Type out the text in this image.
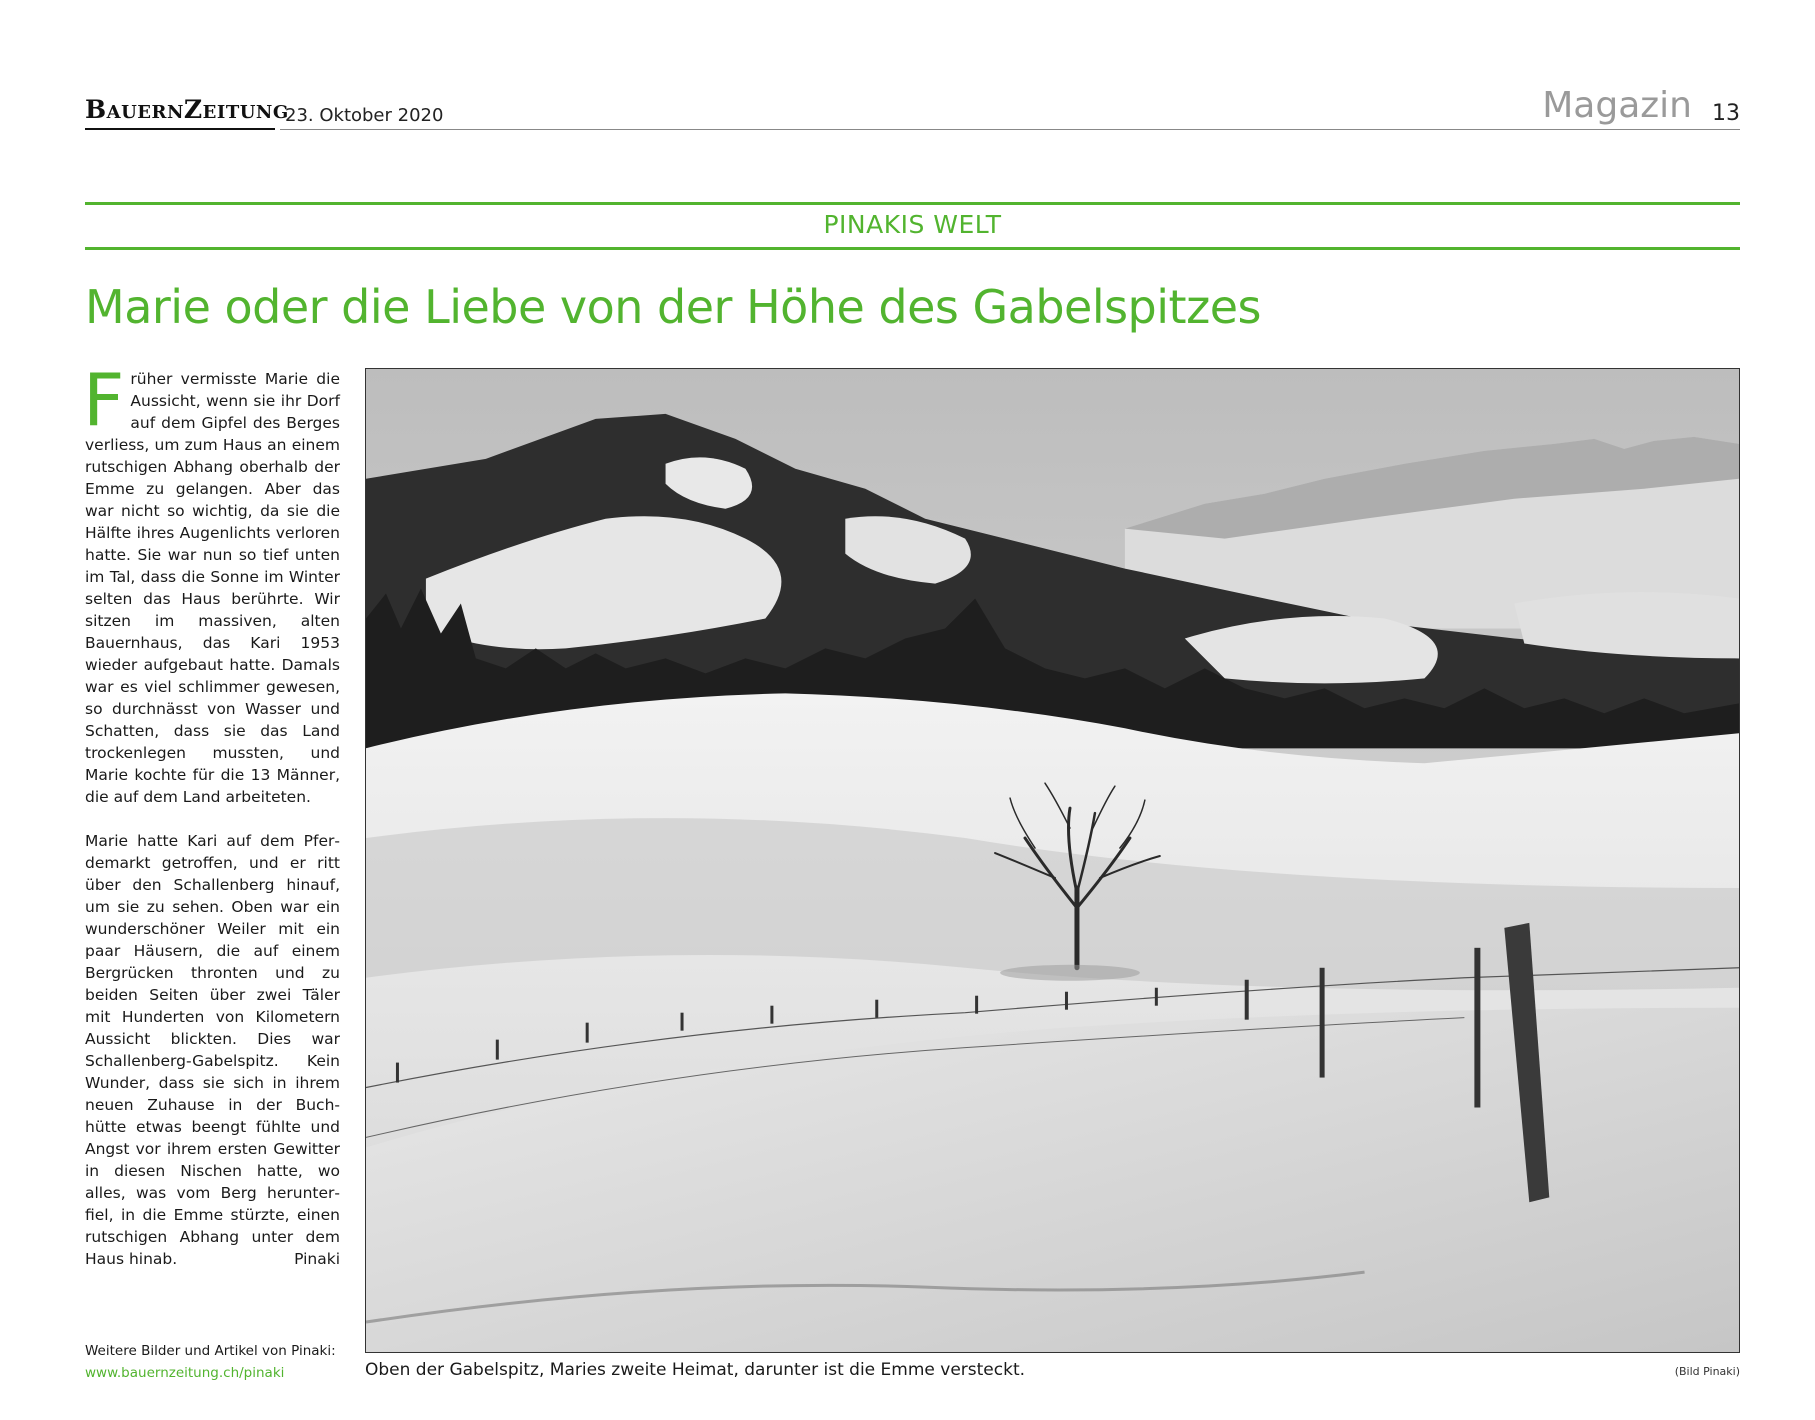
BauernZeitung
23. Oktober 2020	Magazin 13
PINAKIS WELT
Marie oder die Liebe von der Höhe des Gabelspitzes

Früher vermisste Marie die Aussicht, wenn sie ihr Dorf auf dem Gipfel des Berges verliess, um zum Haus an einem rutschigen Abhang oberhalb der Emme zu gelangen. Aber das war nicht so wichtig, da sie die Hälfte ihres Augenlichts verloren hatte. Sie war nun so tief unten im Tal, dass die Sonne im Winter selten das Haus berührte. Wir sitzen im massiven, alten Bauernhaus, das Kari 1953 wieder aufgebaut hatte. Damals war es viel schlimmer gewesen, so durchnässt von Wasser und Schatten, dass sie das Land trockenlegen mussten, und Marie kochte für die 13 Männer, die auf dem Land arbeiteten.

Marie hatte Kari auf dem Pferdemarkt getroffen, und er ritt über den Schallenberg hinauf, um sie zu sehen. Oben war ein wunderschöner Weiler mit ein paar Häusern, die auf einem Bergrücken thronten und zu beiden Seiten über zwei Täler mit Hunderten von Kilometern Aussicht blickten. Dies war Schallenberg-Gabelspitz. Kein Wunder, dass sie sich in ihrem neuen Zuhause in der Buchhütte etwas beengt fühlte und Angst vor ihrem ersten Gewitter in diesen Nischen hatte, wo alles, was vom Berg herunterfiel, in die Emme stürzte, einen rutschigen Abhang unter dem Haus hinab.	Pinaki

Weitere Bilder und Artikel von Pinaki:
www.bauernzeitung.ch/pinaki	Oben der Gabelspitz, Maries zweite Heimat, darunter ist die Emme versteckt.	(Bild Pinaki)
